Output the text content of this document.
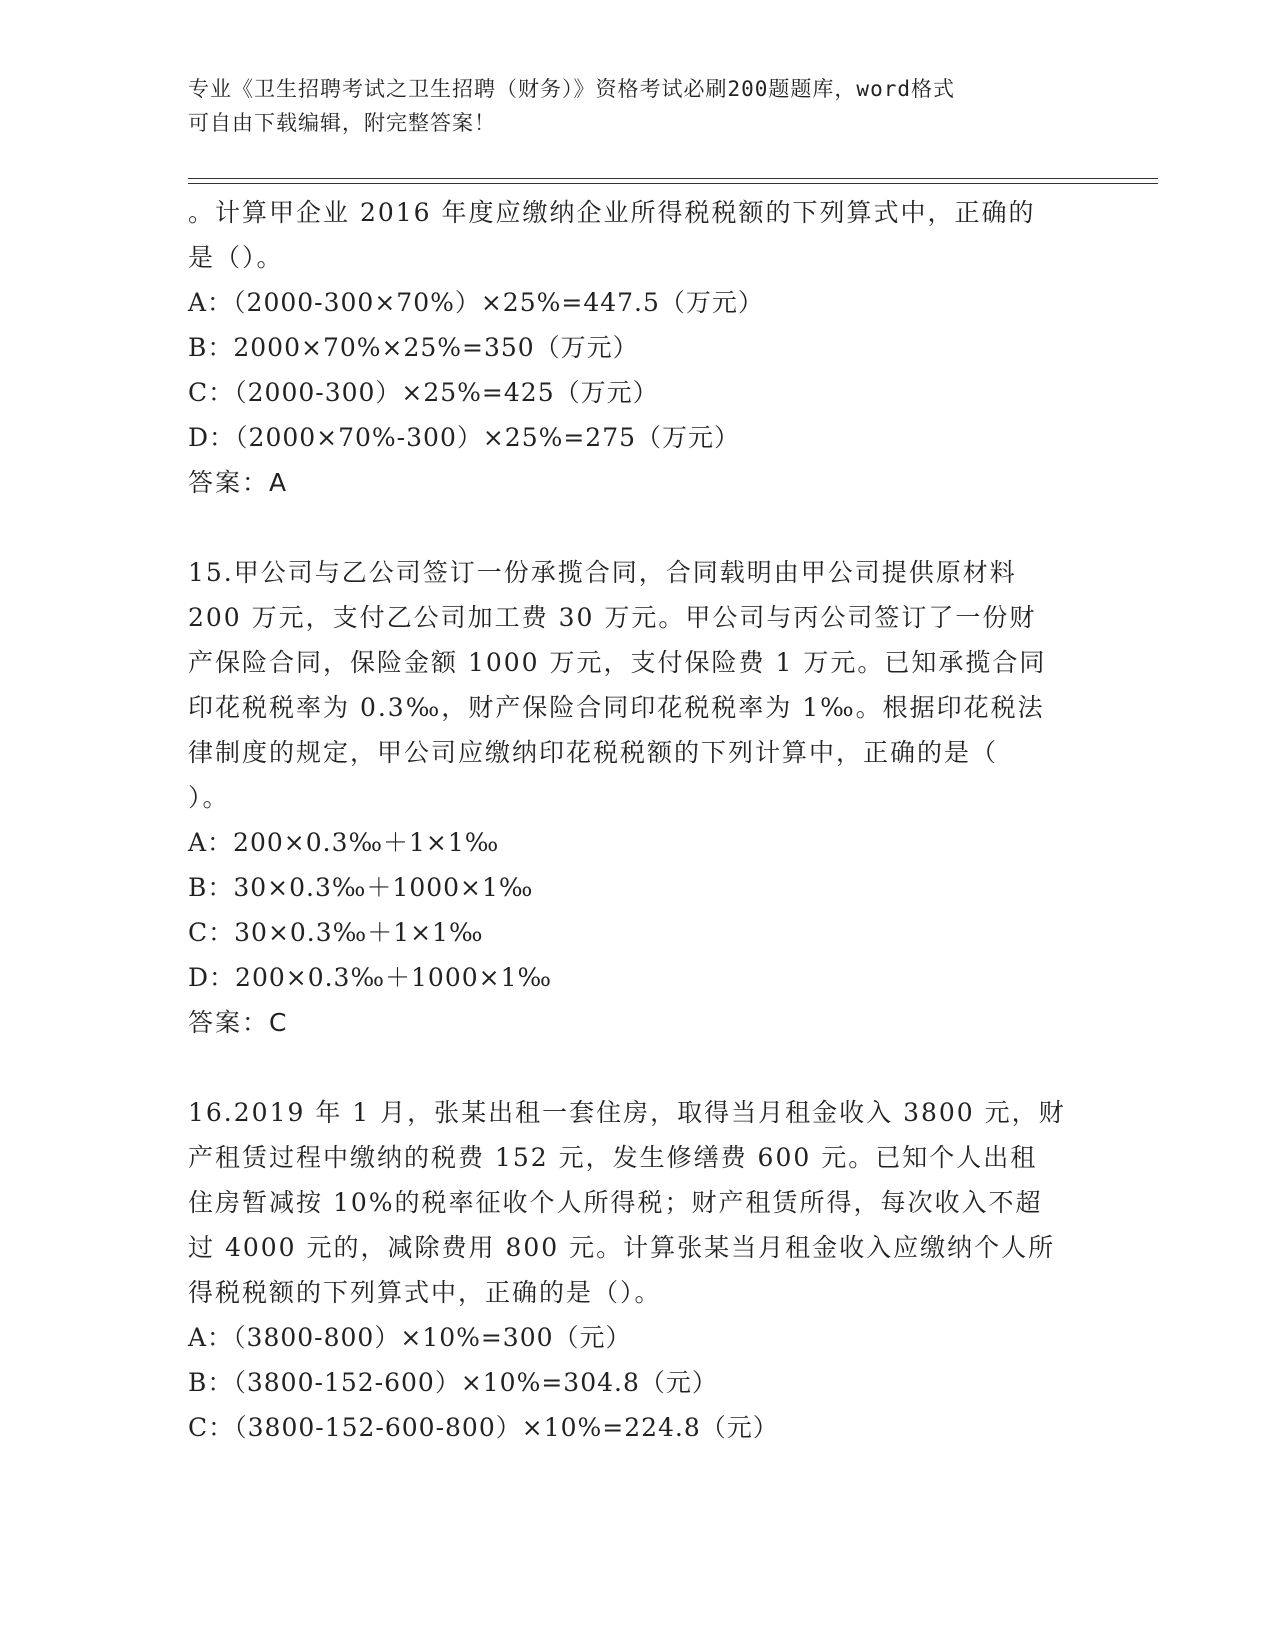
专业《卫生招聘考试之卫生招聘（财务）》资格考试必刷200题题库，word格式
可自由下载编辑，附完整答案！
。计算甲企业 2016 年度应缴纳企业所得税税额的下列算式中，正确的
是（）。
A：（2000-300×70%）×25%=447.5（万元）
B：2000×70%×25%=350（万元）
C：（2000-300）×25%=425（万元）
D：（2000×70%-300）×25%=275（万元）
答案：A
15.甲公司与乙公司签订一份承揽合同，合同载明由甲公司提供原材料
200 万元，支付乙公司加工费 30 万元。甲公司与丙公司签订了一份财
产保险合同，保险金额 1000 万元，支付保险费 1 万元。已知承揽合同
印花税税率为 0.3‰，财产保险合同印花税税率为 1‰。根据印花税法
律制度的规定，甲公司应缴纳印花税税额的下列计算中，正确的是（
）。
A：200×0.3‰＋1×1‰
B：30×0.3‰＋1000×1‰
C：30×0.3‰＋1×1‰
D：200×0.3‰＋1000×1‰
答案：C
16.2019 年 1 月，张某出租一套住房，取得当月租金收入 3800 元，财
产租赁过程中缴纳的税费 152 元，发生修缮费 600 元。已知个人出租
住房暂减按 10%的税率征收个人所得税；财产租赁所得，每次收入不超
过 4000 元的，减除费用 800 元。计算张某当月租金收入应缴纳个人所
得税税额的下列算式中，正确的是（）。
A：（3800-800）×10%=300（元）
B：（3800-152-600）×10%=304.8（元）
C：（3800-152-600-800）×10%=224.8（元）
